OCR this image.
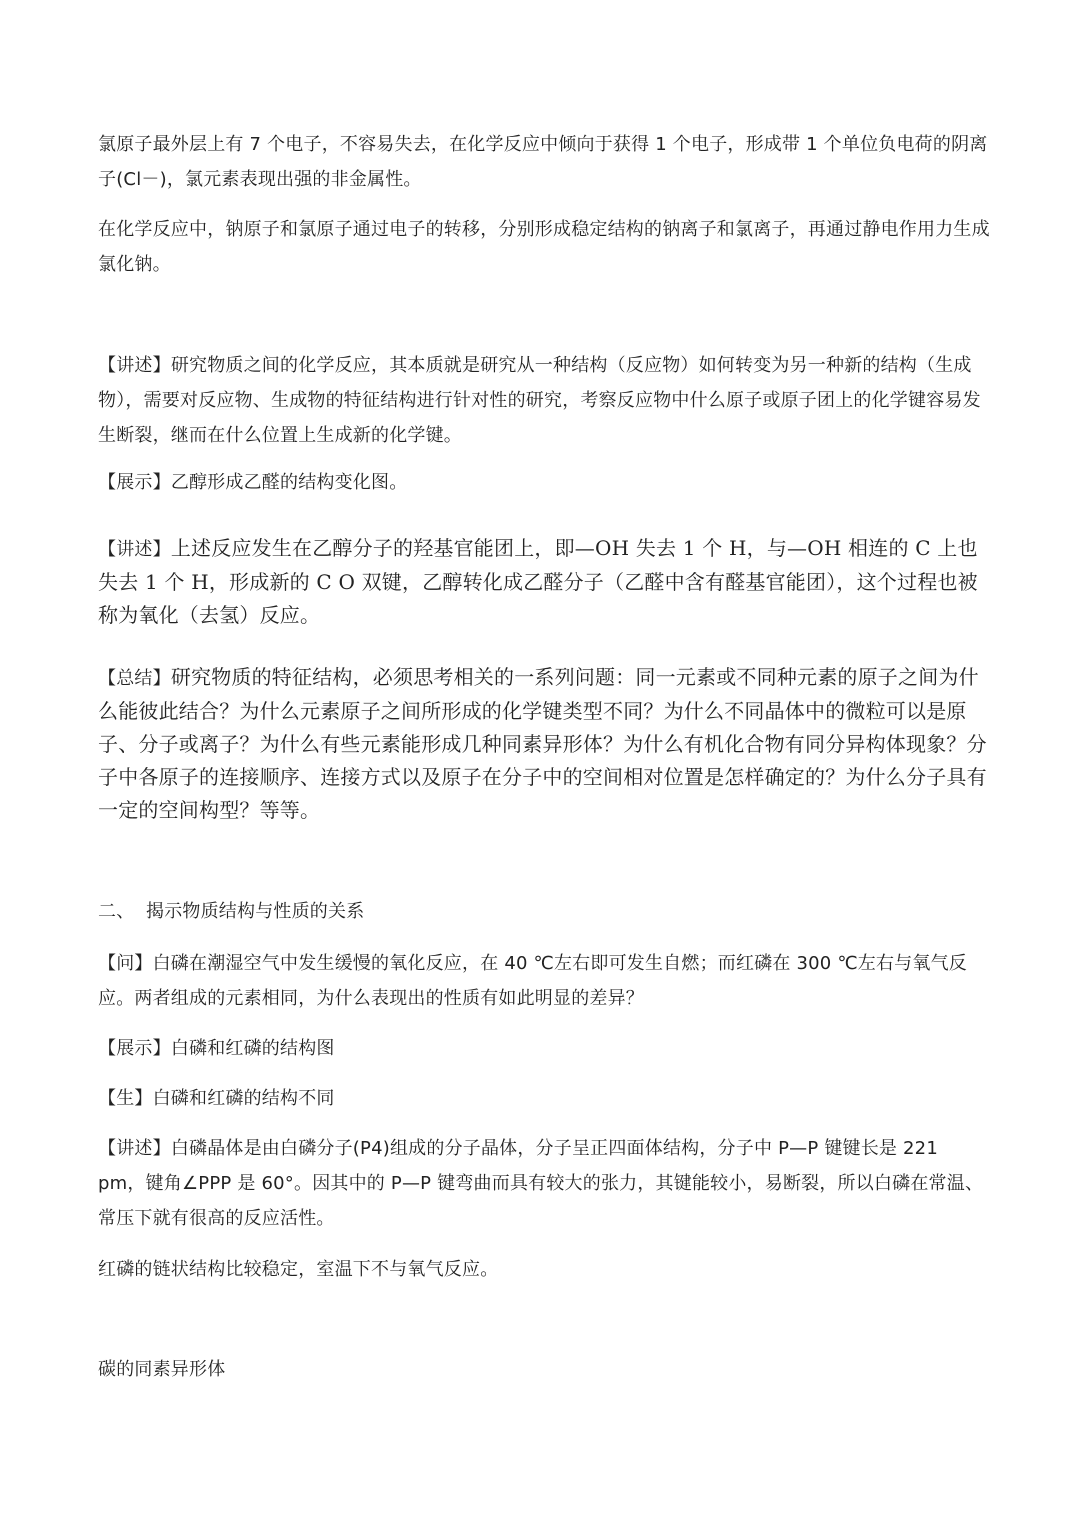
氯原子最外层上有 7 个电子，不容易失去，在化学反应中倾向于获得 1 个电子，形成带 1 个单位负电荷的阴离子(Cl－)，氯元素表现出强的非金属性。

在化学反应中，钠原子和氯原子通过电子的转移，分别形成稳定结构的钠离子和氯离子，再通过静电作用力生成氯化钠。

【讲述】研究物质之间的化学反应，其本质就是研究从一种结构（反应物）如何转变为另一种新的结构（生成物），需要对反应物、生成物的特征结构进行针对性的研究，考察反应物中什么原子或原子团上的化学键容易发生断裂，继而在什么位置上生成新的化学键。

【展示】乙醇形成乙醛的结构变化图。

【讲述】上述反应发生在乙醇分子的羟基官能团上，即—OH 失去 1 个 H，与—OH 相连的 C 上也失去 1 个 H，形成新的 C O 双键，乙醇转化成乙醛分子（乙醛中含有醛基官能团），这个过程也被称为氧化（去氢）反应。

【总结】研究物质的特征结构，必须思考相关的一系列问题：同一元素或不同种元素的原子之间为什么能彼此结合？为什么元素原子之间所形成的化学键类型不同？为什么不同晶体中的微粒可以是原子、分子或离子？为什么有些元素能形成几种同素异形体？为什么有机化合物有同分异构体现象？分子中各原子的连接顺序、连接方式以及原子在分子中的空间相对位置是怎样确定的？为什么分子具有一定的空间构型？等等。

二、 揭示物质结构与性质的关系

【问】白磷在潮湿空气中发生缓慢的氧化反应，在 40 ℃左右即可发生自燃；而红磷在 300 ℃左右与氧气反应。两者组成的元素相同，为什么表现出的性质有如此明显的差异？

【展示】白磷和红磷的结构图

【生】白磷和红磷的结构不同

【讲述】白磷晶体是由白磷分子(P4)组成的分子晶体，分子呈正四面体结构，分子中 P—P 键键长是 221 pm，键角∠PPP 是 60°。因其中的 P—P 键弯曲而具有较大的张力，其键能较小，易断裂，所以白磷在常温、常压下就有很高的反应活性。

红磷的链状结构比较稳定，室温下不与氧气反应。

碳的同素异形体
